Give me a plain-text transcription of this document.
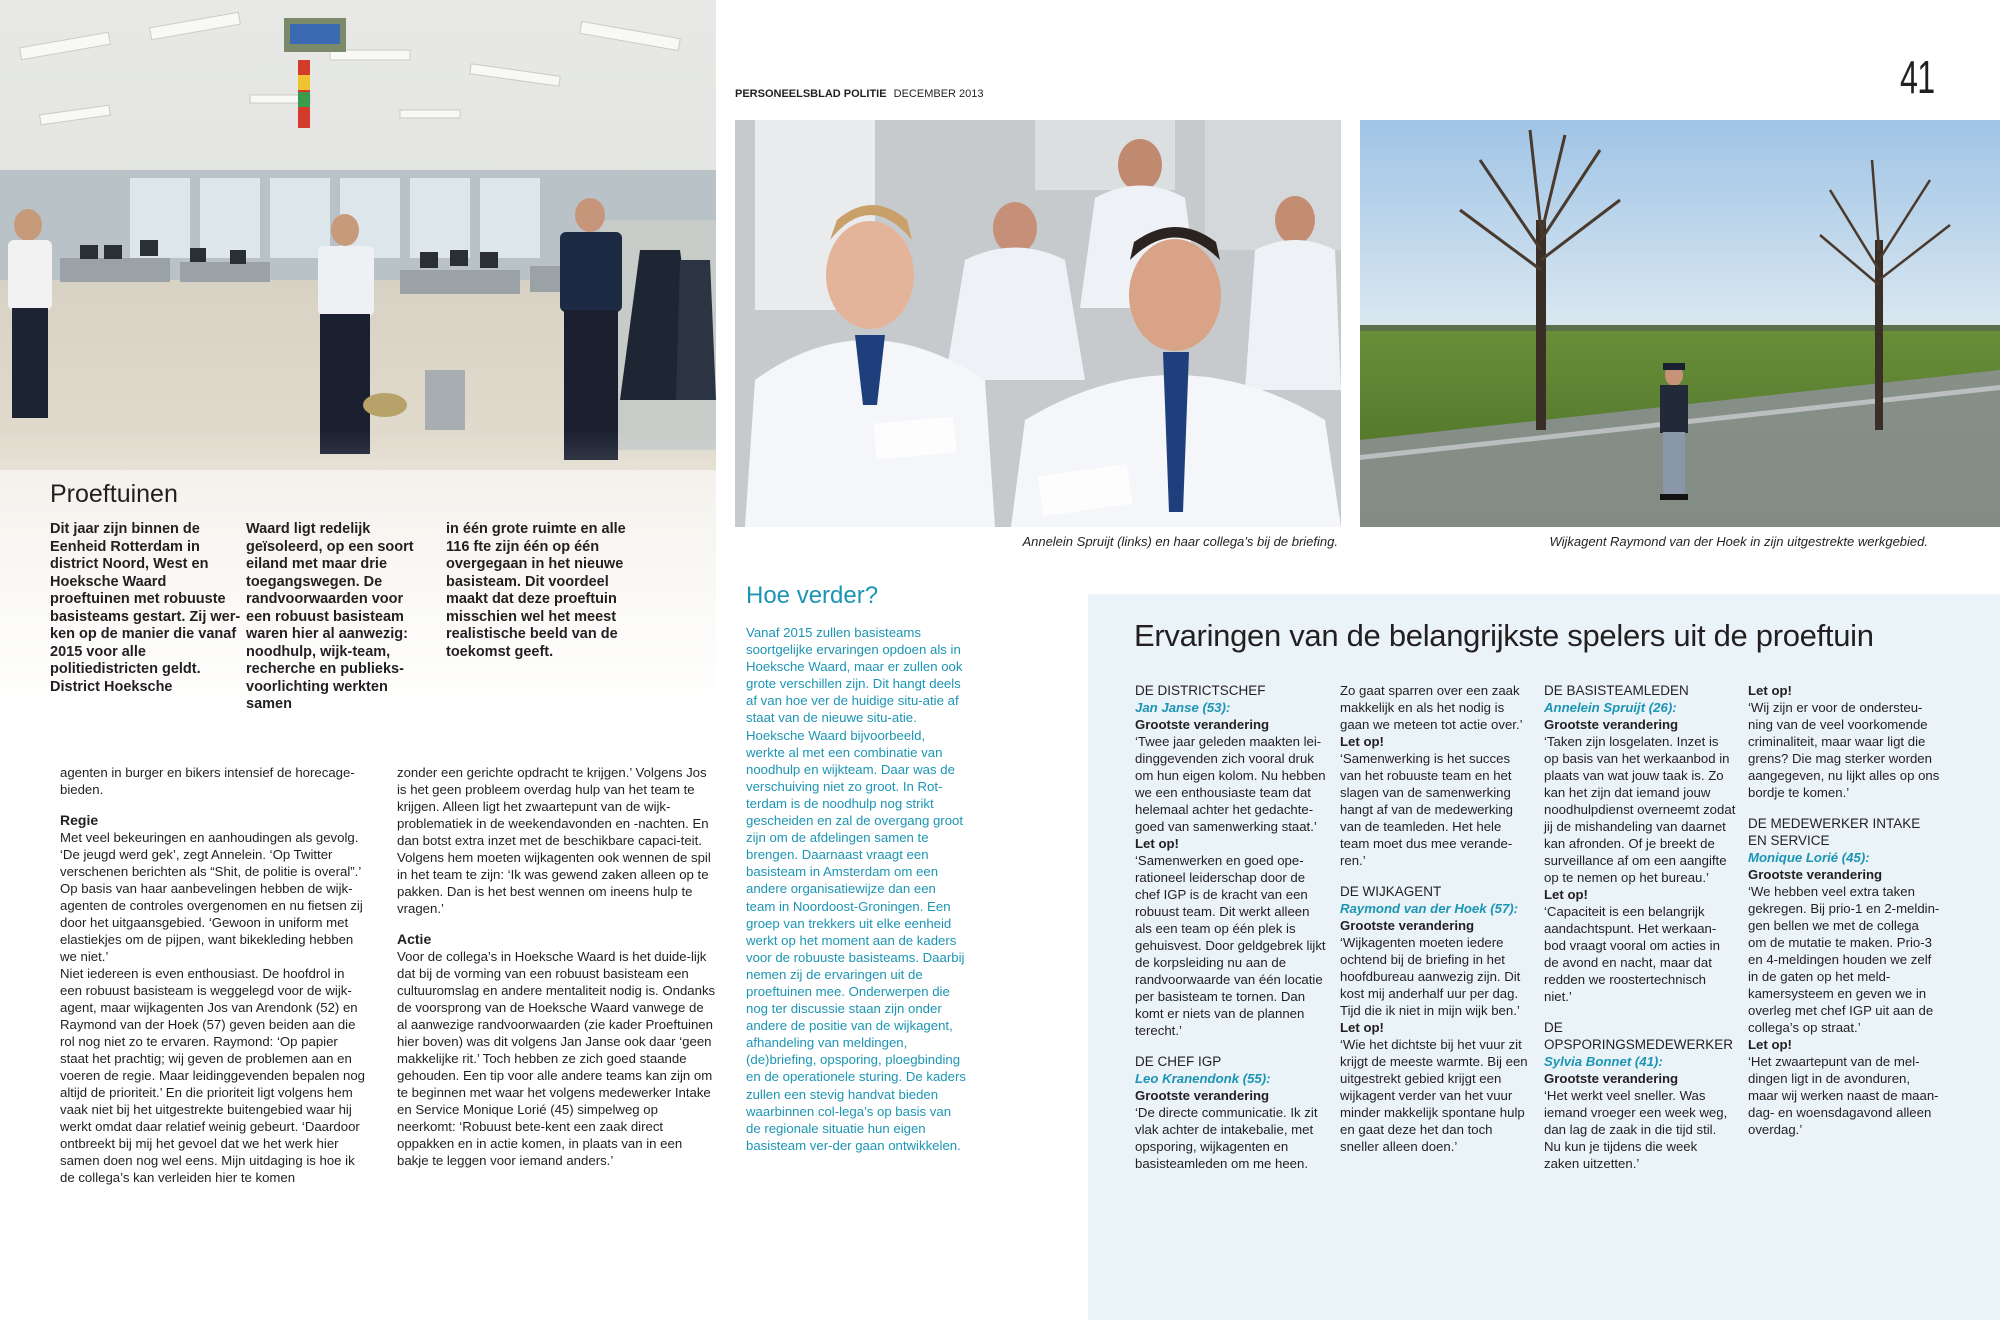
Proeftuinen

Dit jaar zijn binnen de Eenheid Rotterdam in district Noord, West en Hoeksche Waard proeftuinen met robuuste basisteams gestart. Zij wer-ken op de manier die vanaf 2015 voor alle politiedistricten geldt. District Hoeksche

Waard ligt redelijk geïsoleerd, op een soort eiland met maar drie toegangswegen. De randvoorwaarden voor een robuust basisteam waren hier al aanwezig: noodhulp, wijk-team, recherche en publieks-voorlichting werkten samen

in één grote ruimte en alle 116 fte zijn één op één overgegaan in het nieuwe basisteam. Dit voordeel maakt dat deze proeftuin misschien wel het meest realistische beeld van de toekomst geeft.

agenten in burger en bikers intensief de horecage-bieden.

Regie

Met veel bekeuringen en aanhoudingen als gevolg. ‘De jeugd werd gek’, zegt Annelein. ‘Op Twitter verschenen berichten als “Shit, de politie is overal”.’ Op basis van haar aanbevelingen hebben de wijk-agenten de controles overgenomen en nu fietsen zij door het uitgaansgebied. ‘Gewoon in uniform met elastiekjes om de pijpen, want bikekleding hebben we niet.’

Niet iedereen is even enthousiast. De hoofdrol in een robuust basisteam is weggelegd voor de wijk-agent, maar wijkagenten Jos van Arendonk (52) en Raymond van der Hoek (57) geven beiden aan die rol nog niet zo te ervaren. Raymond: ‘Op papier staat het prachtig; wij geven de problemen aan en voeren de regie. Maar leidinggevenden bepalen nog altijd de prioriteit.’ En die prioriteit ligt volgens hem vaak niet bij het uitgestrekte buitengebied waar hij werkt omdat daar relatief weinig gebeurt. ‘Daardoor ontbreekt bij mij het gevoel dat we het werk hier samen doen nog wel eens. Mijn uitdaging is hoe ik de collega’s kan verleiden hier te komen

zonder een gerichte opdracht te krijgen.’ Volgens Jos is het geen probleem overdag hulp van het team te krijgen. Alleen ligt het zwaartepunt van de wijk-problematiek in de weekendavonden en -nachten. En dan botst extra inzet met de beschikbare capaci-teit. Volgens hem moeten wijkagenten ook wennen de spil in het team te zijn: ‘Ik was gewend zaken alleen op te pakken. Dan is het best wennen om ineens hulp te vragen.’

Actie

Voor de collega’s in Hoeksche Waard is het duide-lijk dat bij de vorming van een robuust basisteam een cultuuromslag en andere mentaliteit nodig is. Ondanks de voorsprong van de Hoeksche Waard vanwege de al aanwezige randvoorwaarden (zie kader Proeftuinen hier boven) was dit volgens Jan Janse ook daar ‘geen makkelijke rit.’ Toch hebben ze zich goed staande gehouden. Een tip voor alle andere teams kan zijn om te beginnen met waar het volgens medewerker Intake en Service Monique Lorié (45) simpelweg op neerkomt: ‘Robuust bete-kent een zaak direct oppakken en in actie komen, in plaats van in een bakje te leggen voor iemand anders.’

PERSONEELSBLAD POLITIE DECEMBER 2013	41
Annelein Spruijt (links) en haar collega’s bij de briefing.	Wijkagent Raymond van der Hoek in zijn uitgestrekte werkgebied.
Hoe verder?

Vanaf 2015 zullen basisteams soortgelijke ervaringen opdoen als in Hoeksche Waard, maar er zullen ook grote verschillen zijn. Dit hangt deels af van hoe ver de huidige situ-atie af staat van de nieuwe situ-atie. Hoeksche Waard bijvoorbeeld, werkte al met een combinatie van noodhulp en wijkteam. Daar was de verschuiving niet zo groot. In Rot-terdam is de noodhulp nog strikt gescheiden en zal de overgang groot zijn om de afdelingen samen te brengen. Daarnaast vraagt een basisteam in Amsterdam om een andere organisatiewijze dan een team in Noordoost-Groningen. Een groep van trekkers uit elke eenheid werkt op het moment aan de kaders voor de robuuste basisteams. Daarbij nemen zij de ervaringen uit de proeftuinen mee. Onderwerpen die nog ter discussie staan zijn onder andere de positie van de wijkagent, afhandeling van meldingen, (de)briefing, opsporing, ploegbinding en de operationele sturing. De kaders zullen een stevig handvat bieden waarbinnen col-lega’s op basis van de regionale situatie hun eigen basisteam ver-der gaan ontwikkelen.

Ervaringen van de belangrijkste spelers uit de proeftuin

DE DISTRICTSCHEF

Jan Janse (53):

Grootste verandering

‘Twee jaar geleden maakten lei-dinggevenden zich vooral druk om hun eigen kolom. Nu hebben we een enthousiaste team dat helemaal achter het gedachte-goed van samenwerking staat.’

Let op!

‘Samenwerken en goed ope-rationeel leiderschap door de chef IGP is de kracht van een robuust team. Dit werkt alleen als een team op één plek is gehuisvest. Door geldgebrek lijkt de korpsleiding nu aan de randvoorwaarde van één locatie per basisteam te tornen. Dan komt er niets van de plannen terecht.’

DE CHEF IGP

Leo Kranendonk (55):

Grootste verandering

‘De directe communicatie. Ik zit vlak achter de intakebalie, met opsporing, wijkagenten en basisteamleden om me heen.

Zo gaat sparren over een zaak makkelijk en als het nodig is gaan we meteen tot actie over.’

Let op!

‘Samenwerking is het succes van het robuuste team en het slagen van de samenwerking hangt af van de medewerking van de teamleden. Het hele team moet dus mee verande-ren.’

DE WIJKAGENT

Raymond van der Hoek (57):

Grootste verandering

‘Wijkagenten moeten iedere ochtend bij de briefing in het hoofdbureau aanwezig zijn. Dit kost mij anderhalf uur per dag. Tijd die ik niet in mijn wijk ben.’

Let op!

‘Wie het dichtste bij het vuur zit krijgt de meeste warmte. Bij een uitgestrekt gebied krijgt een wijkagent verder van het vuur minder makkelijk spontane hulp en gaat deze het dan toch sneller alleen doen.’

DE BASISTEAMLEDEN

Annelein Spruijt (26):

Grootste verandering

‘Taken zijn losgelaten. Inzet is op basis van het werkaanbod in plaats van wat jouw taak is. Zo kan het zijn dat iemand jouw noodhulpdienst overneemt zodat jij de mishandeling van daarnet kan afronden. Of je breekt de surveillance af om een aangifte op te nemen op het bureau.’

Let op!

‘Capaciteit is een belangrijk aandachtspunt. Het werkaan-bod vraagt vooral om acties in de avond en nacht, maar dat redden we roostertechnisch niet.’

DE OPSPORINGSMEDEWERKER

Sylvia Bonnet (41):

Grootste verandering

‘Het werkt veel sneller. Was iemand vroeger een week weg, dan lag de zaak in die tijd stil. Nu kun je tijdens die week zaken uitzetten.’

Let op!

‘Wij zijn er voor de ondersteu-ning van de veel voorkomende criminaliteit, maar waar ligt die grens? Die mag sterker worden aangegeven, nu lijkt alles op ons bordje te komen.’

DE MEDEWERKER INTAKE EN SERVICE

Monique Lorié (45):

Grootste verandering

‘We hebben veel extra taken gekregen. Bij prio-1 en 2-meldin-gen bellen we met de collega om de mutatie te maken. Prio-3 en 4-meldingen houden we zelf in de gaten op het meld-kamersysteem en geven we in overleg met chef IGP uit aan de collega’s op straat.’

Let op!

‘Het zwaartepunt van de mel-dingen ligt in de avonduren, maar wij werken naast de maan-dag- en woensdagavond alleen overdag.’
